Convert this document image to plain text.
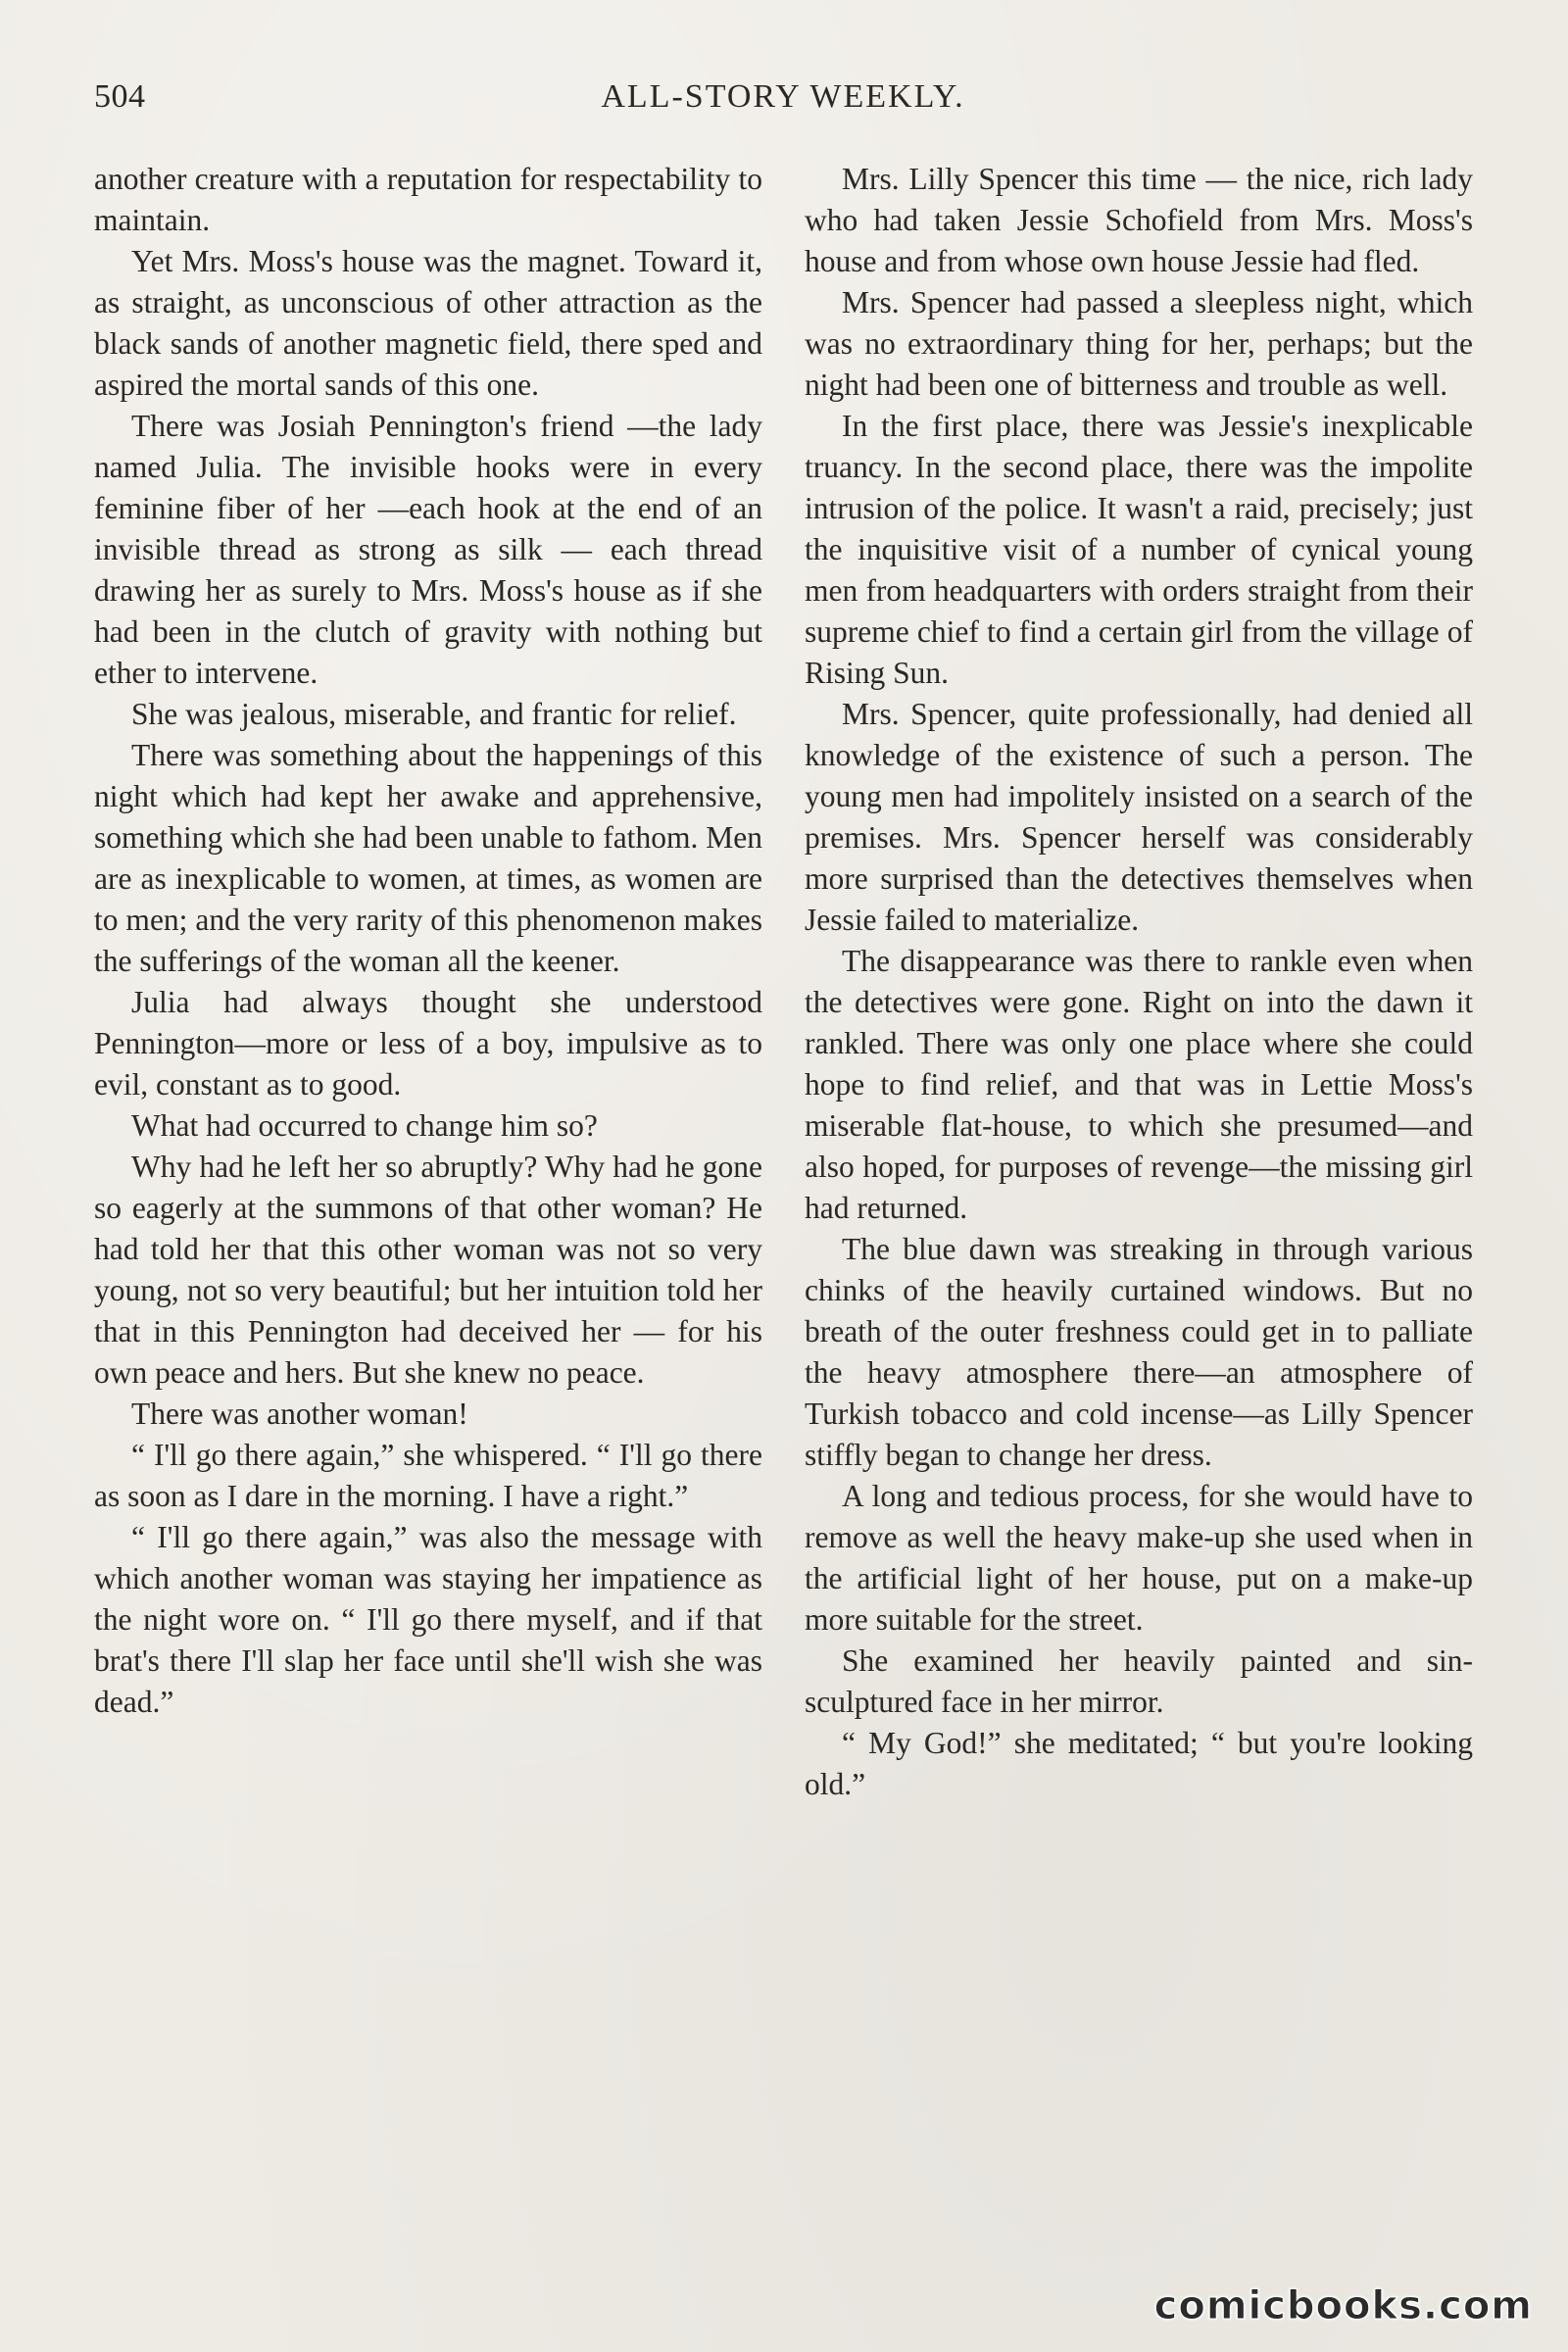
504	ALL-STORY WEEKLY.

another creature with a reputation for respectability to maintain.

Yet Mrs. Moss's house was the magnet. Toward it, as straight, as unconscious of other attraction as the black sands of another magnetic field, there sped and aspired the mortal sands of this one.

There was Josiah Pennington's friend —the lady named Julia. The invisible hooks were in every feminine fiber of her —each hook at the end of an invisible thread as strong as silk — each thread drawing her as surely to Mrs. Moss's house as if she had been in the clutch of gravity with nothing but ether to intervene.

She was jealous, miserable, and frantic for relief.

There was something about the happenings of this night which had kept her awake and apprehensive, something which she had been unable to fathom. Men are as inexplicable to women, at times, as women are to men; and the very rarity of this phenomenon makes the sufferings of the woman all the keener.

Julia had always thought she understood Pennington—more or less of a boy, impulsive as to evil, constant as to good.

What had occurred to change him so?

Why had he left her so abruptly? Why had he gone so eagerly at the summons of that other woman? He had told her that this other woman was not so very young, not so very beautiful; but her intuition told her that in this Pennington had deceived her — for his own peace and hers. But she knew no peace.

There was another woman!

“ I'll go there again,” she whispered. “ I'll go there as soon as I dare in the morning. I have a right.”

“ I'll go there again,” was also the message with which another woman was staying her impatience as the night wore on. “ I'll go there myself, and if that brat's there I'll slap her face until she'll wish she was dead.”

Mrs. Lilly Spencer this time — the nice, rich lady who had taken Jessie Schofield from Mrs. Moss's house and from whose own house Jessie had fled.

Mrs. Spencer had passed a sleepless night, which was no extraordinary thing for her, perhaps; but the night had been one of bitterness and trouble as well.

In the first place, there was Jessie's inexplicable truancy. In the second place, there was the impolite intrusion of the police. It wasn't a raid, precisely; just the inquisitive visit of a number of cynical young men from headquarters with orders straight from their supreme chief to find a certain girl from the village of Rising Sun.

Mrs. Spencer, quite professionally, had denied all knowledge of the existence of such a person. The young men had impolitely insisted on a search of the premises. Mrs. Spencer herself was considerably more surprised than the detectives themselves when Jessie failed to materialize.

The disappearance was there to rankle even when the detectives were gone. Right on into the dawn it rankled. There was only one place where she could hope to find relief, and that was in Lettie Moss's miserable flat-house, to which she presumed—and also hoped, for purposes of revenge—the missing girl had returned.

The blue dawn was streaking in through various chinks of the heavily curtained windows. But no breath of the outer freshness could get in to palliate the heavy atmosphere there—an atmosphere of Turkish tobacco and cold incense—as Lilly Spencer stiffly began to change her dress.

A long and tedious process, for she would have to remove as well the heavy make-up she used when in the artificial light of her house, put on a make-up more suitable for the street.

She examined her heavily painted and sin-sculptured face in her mirror.

“ My God!” she meditated; “ but you're looking old.”

comicbooks.com
